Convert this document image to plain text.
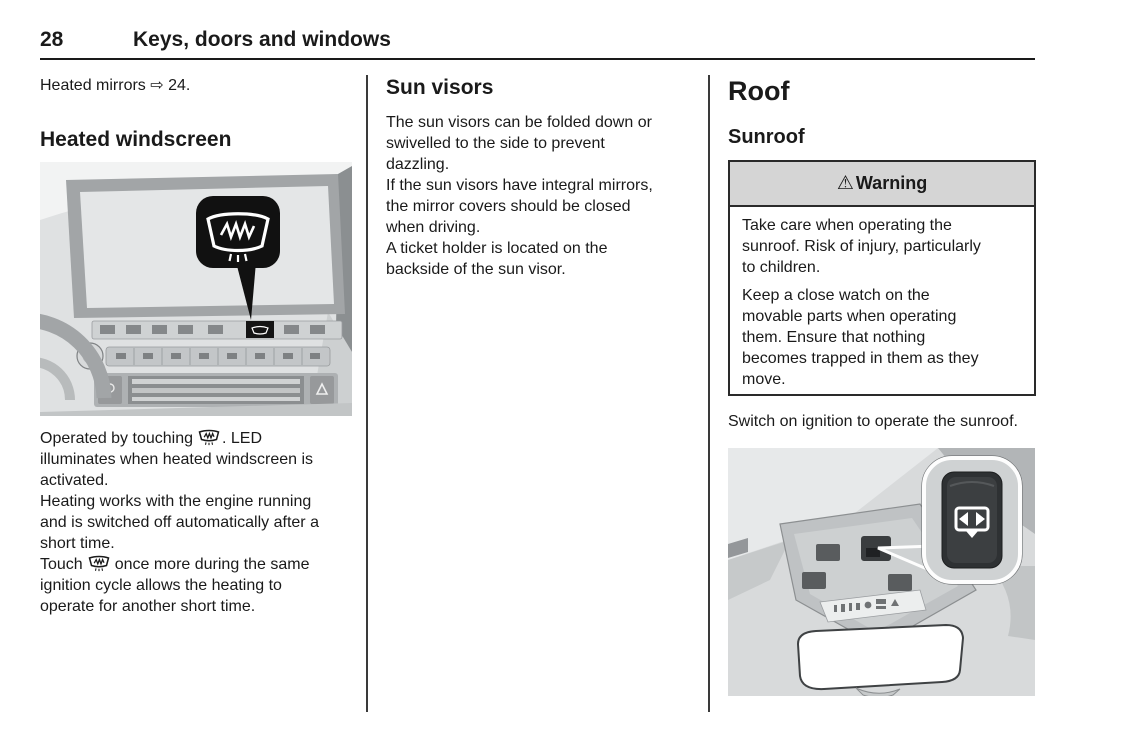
28	Keys, doors and windows

Heated mirrors ⇨ 24.

Heated windscreen

Operated by touching . LED illuminates when heated windscreen is activated.

Heating works with the engine running and is switched off automatically after a short time.

Touch once more during the same ignition cycle allows the heating to operate for another short time.

Sun visors

The sun visors can be folded down or swivelled to the side to prevent dazzling.

If the sun visors have integral mirrors, the mirror covers should be closed when driving.

A ticket holder is located on the backside of the sun visor.

Roof
Sunroof
⚠ Warning

Take care when operating the sunroof. Risk of injury, particularly to children.

Keep a close watch on the movable parts when operating them. Ensure that nothing becomes trapped in them as they move.

Switch on ignition to operate the sunroof.
